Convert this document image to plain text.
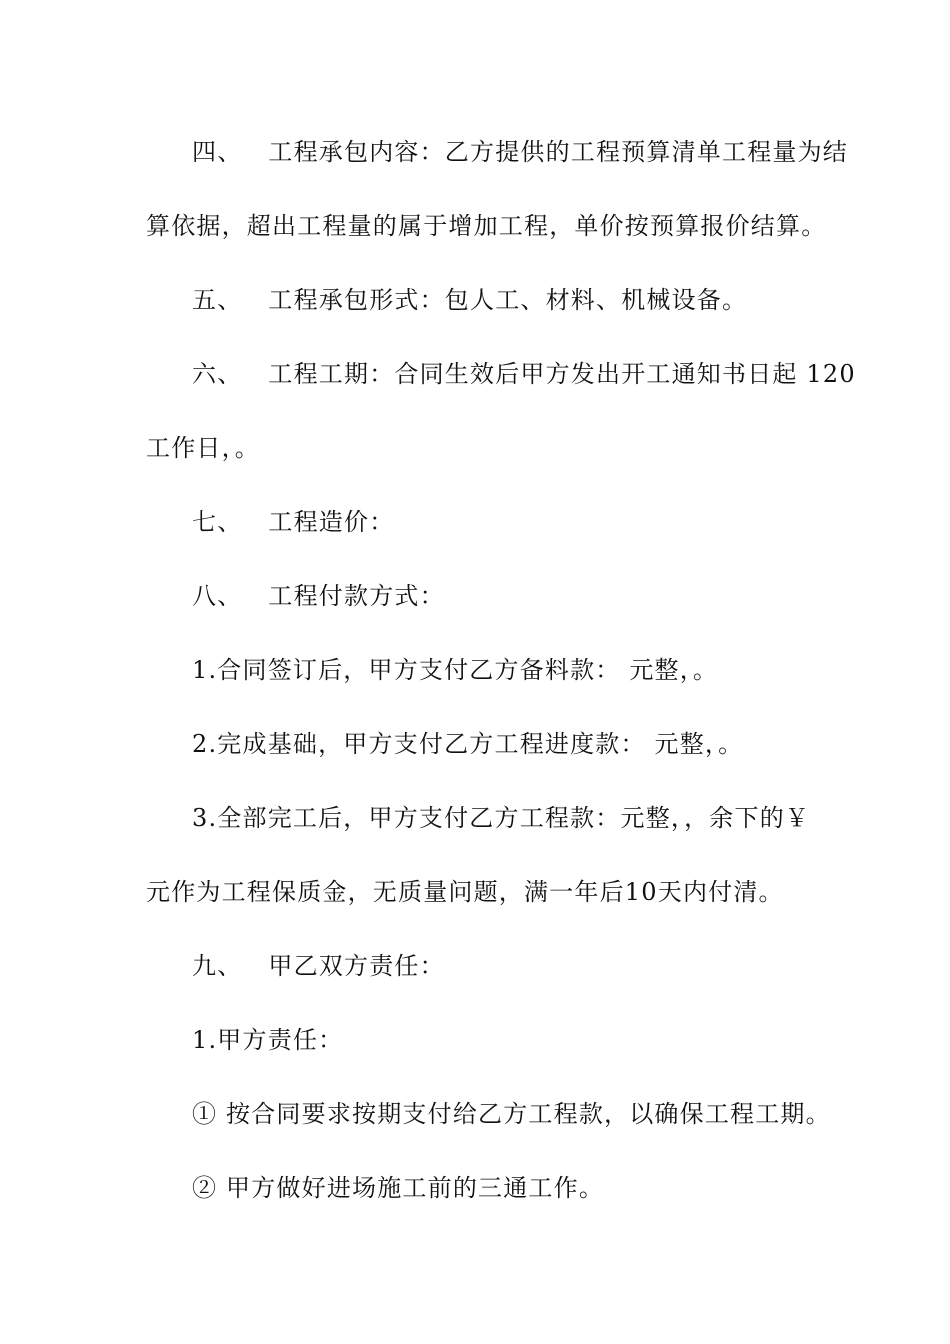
四、 工程承包内容：乙方提供的工程预算清单工程量为结

算依据，超出工程量的属于增加工程，单价按预算报价结算。

五、 工程承包形式：包人工、材料、机械设备。

六、 工程工期：合同生效后甲方发出开工通知书日起 120

工作日，。

七、 工程造价：

八、 工程付款方式：

1.合同签订后，甲方支付乙方备料款： 元整，。

2.完成基础，甲方支付乙方工程进度款： 元整，。

3.全部完工后，甲方支付乙方工程款：元整，，余下的￥

元作为工程保质金，无质量问题，满一年后10天内付清。

九、 甲乙双方责任：

1.甲方责任：

① 按合同要求按期支付给乙方工程款，以确保工程工期。

② 甲方做好进场施工前的三通工作。
